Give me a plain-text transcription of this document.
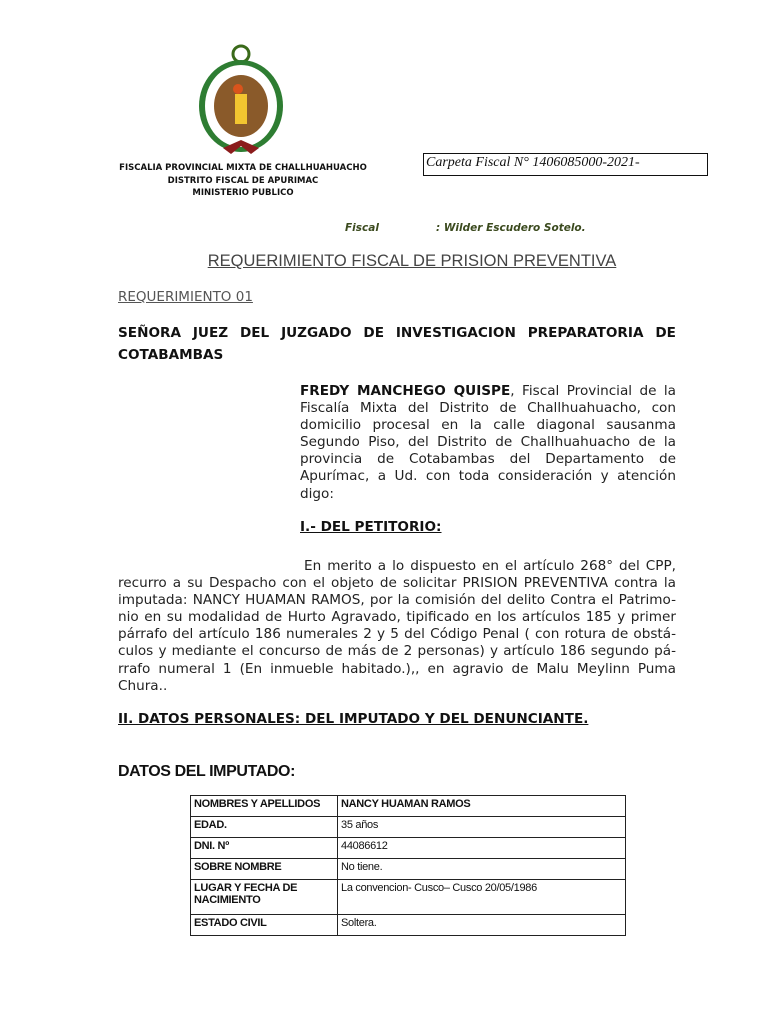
FISCALIA PROVINCIAL MIXTA DE CHALLHUAHUACHO
DISTRITO FISCAL DE APURIMAC
MINISTERIO PUBLICO
Carpeta Fiscal N° 1406085000-2021-
Fiscal	: Wilder Escudero Sotelo.
REQUERIMIENTO FISCAL DE PRISION PREVENTIVA
REQUERIMIENTO 01
SEÑORA JUEZ DEL JUZGADO DE INVESTIGACION PREPARATORIA DE
COTABAMBAS
FREDY MANCHEGO QUISPE, Fiscal Provincial de la
Fiscalía Mixta del Distrito de Challhuahuacho, con
domicilio procesal en la calle diagonal sausanma
Segundo Piso, del Distrito de Challhuahuacho de la
provincia de Cotabambas del Departamento de
Apurímac, a Ud. con toda consideración y atención
digo:
I.- DEL PETITORIO:
En merito a lo dispuesto en el artículo 268° del CPP,
recurro a su Despacho con el objeto de solicitar PRISION PREVENTIVA contra la
imputada: NANCY HUAMAN RAMOS, por la comisión del delito Contra el Patrimo-
nio en su modalidad de Hurto Agravado, tipificado en los artículos 185 y primer
párrafo del artículo 186 numerales 2 y 5 del Código Penal ( con rotura de obstá-
culos y mediante el concurso de más de 2 personas) y artículo 186 segundo pá-
rrafo numeral 1 (En inmueble habitado.),, en agravio de Malu Meylinn Puma
Chura..
II. DATOS PERSONALES: DEL IMPUTADO Y DEL DENUNCIANTE.
DATOS DEL IMPUTADO:
NOMBRES Y APELLIDOS	NANCY HUAMAN RAMOS
EDAD.	35 años
DNI. Nº	44086612
SOBRE NOMBRE	No tiene.
LUGAR Y FECHA DE NACIMIENTO	La convencion- Cusco– Cusco 20/05/1986
ESTADO CIVIL	Soltera.
